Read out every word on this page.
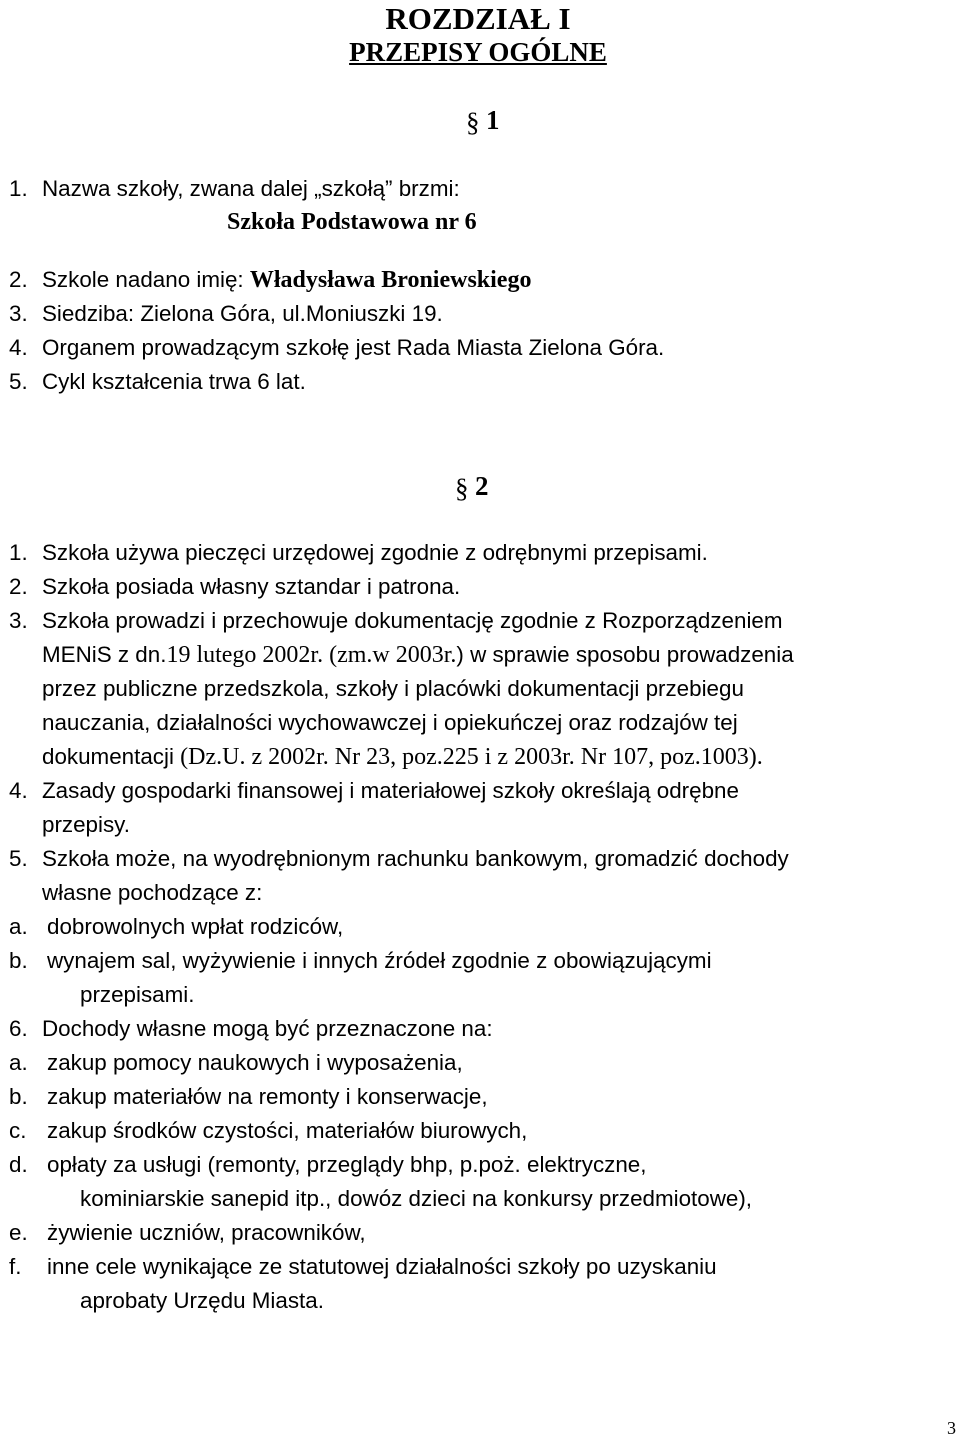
ROZDZIAŁ I
PRZEPISY OGÓLNE
§ 1
1. Nazwa szkoły, zwana dalej „szkołą” brzmi:
Szkoła Podstawowa nr 6
2. Szkole nadano imię: Władysława Broniewskiego
3. Siedziba: Zielona Góra, ul.Moniuszki 19.
4. Organem prowadzącym szkołę jest Rada Miasta Zielona Góra.
5. Cykl kształcenia trwa 6 lat.
§ 2
1. Szkoła używa pieczęci urzędowej zgodnie z odrębnymi przepisami.
2. Szkoła posiada własny sztandar i patrona.
3. Szkoła prowadzi i przechowuje dokumentację zgodnie z Rozporządzeniem
MENiS z dn.19 lutego 2002r. (zm.w 2003r.) w sprawie sposobu prowadzenia
przez publiczne przedszkola, szkoły i placówki dokumentacji przebiegu
nauczania, działalności wychowawczej i opiekuńczej oraz rodzajów tej
dokumentacji (Dz.U. z 2002r. Nr 23, poz.225 i z 2003r. Nr 107, poz.1003).
4. Zasady gospodarki finansowej i materiałowej szkoły określają odrębne
przepisy.
5. Szkoła może, na wyodrębnionym rachunku bankowym, gromadzić dochody
własne pochodzące z:
a. dobrowolnych wpłat rodziców,
b. wynajem sal, wyżywienie i innych źródeł zgodnie z obowiązującymi
przepisami.
6. Dochody własne mogą być przeznaczone na:
a. zakup pomocy naukowych i wyposażenia,
b. zakup materiałów na remonty i konserwacje,
c. zakup środków czystości, materiałów biurowych,
d. opłaty za usługi (remonty, przeglądy bhp, p.poż. elektryczne,
kominiarskie sanepid itp., dowóz dzieci na konkursy przedmiotowe),
e. żywienie uczniów, pracowników,
f. inne cele wynikające ze statutowej działalności szkoły po uzyskaniu
aprobaty Urzędu Miasta.
3
